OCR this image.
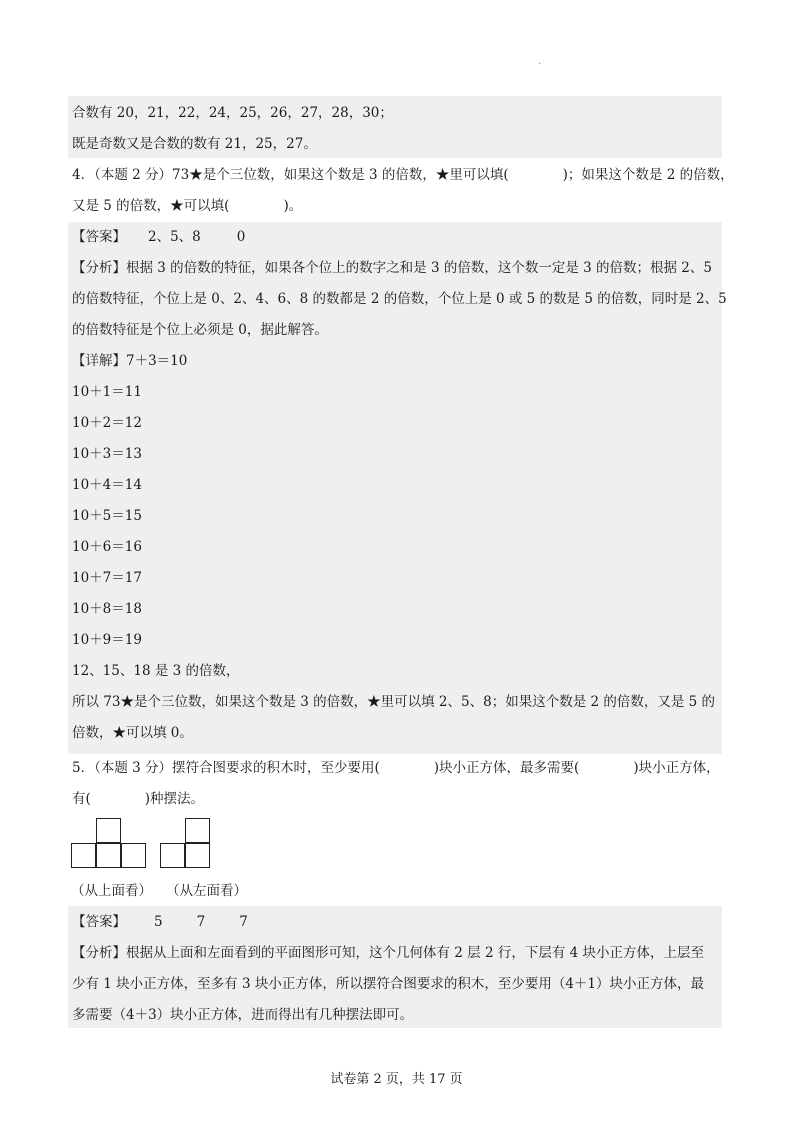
.
合数有 20，21，22，24，25，26，27，28，30；
既是奇数又是合数的数有 21，25，27。
4．（本题 2 分）73★是个三位数，如果这个数是 3 的倍数，★里可以填(	)；如果这个数是 2 的倍数，
又是 5 的倍数，★可以填(	)。
【答案】 2、5、8	0
【分析】根据 3 的倍数的特征，如果各个位上的数字之和是 3 的倍数，这个数一定是 3 的倍数；根据 2、5
的倍数特征，个位上是 0、2、4、6、8 的数都是 2 的倍数，个位上是 0 或 5 的数是 5 的倍数，同时是 2、5
的倍数特征是个位上必须是 0，据此解答。
【详解】7＋3＝10
10＋1＝11
10＋2＝12
10＋3＝13
10＋4＝14
10＋5＝15
10＋6＝16
10＋7＝17
10＋8＝18
10＋9＝19
12、15、18 是 3 的倍数，
所以 73★是个三位数，如果这个数是 3 的倍数，★里可以填 2、5、8；如果这个数是 2 的倍数，又是 5 的
倍数，★可以填 0。
5．（本题 3 分）摆符合图要求的积木时，至少要用(	)块小正方体，最多需要(	)块小正方体，
有(	)种摆法。
（从上面看） （从左面看）
【答案】 5	7	7
【分析】根据从上面和左面看到的平面图形可知，这个几何体有 2 层 2 行，下层有 4 块小正方体，上层至
少有 1 块小正方体，至多有 3 块小正方体，所以摆符合图要求的积木，至少要用（4＋1）块小正方体，最
多需要（4＋3）块小正方体，进而得出有几种摆法即可。
试卷第 2 页，共 17 页
